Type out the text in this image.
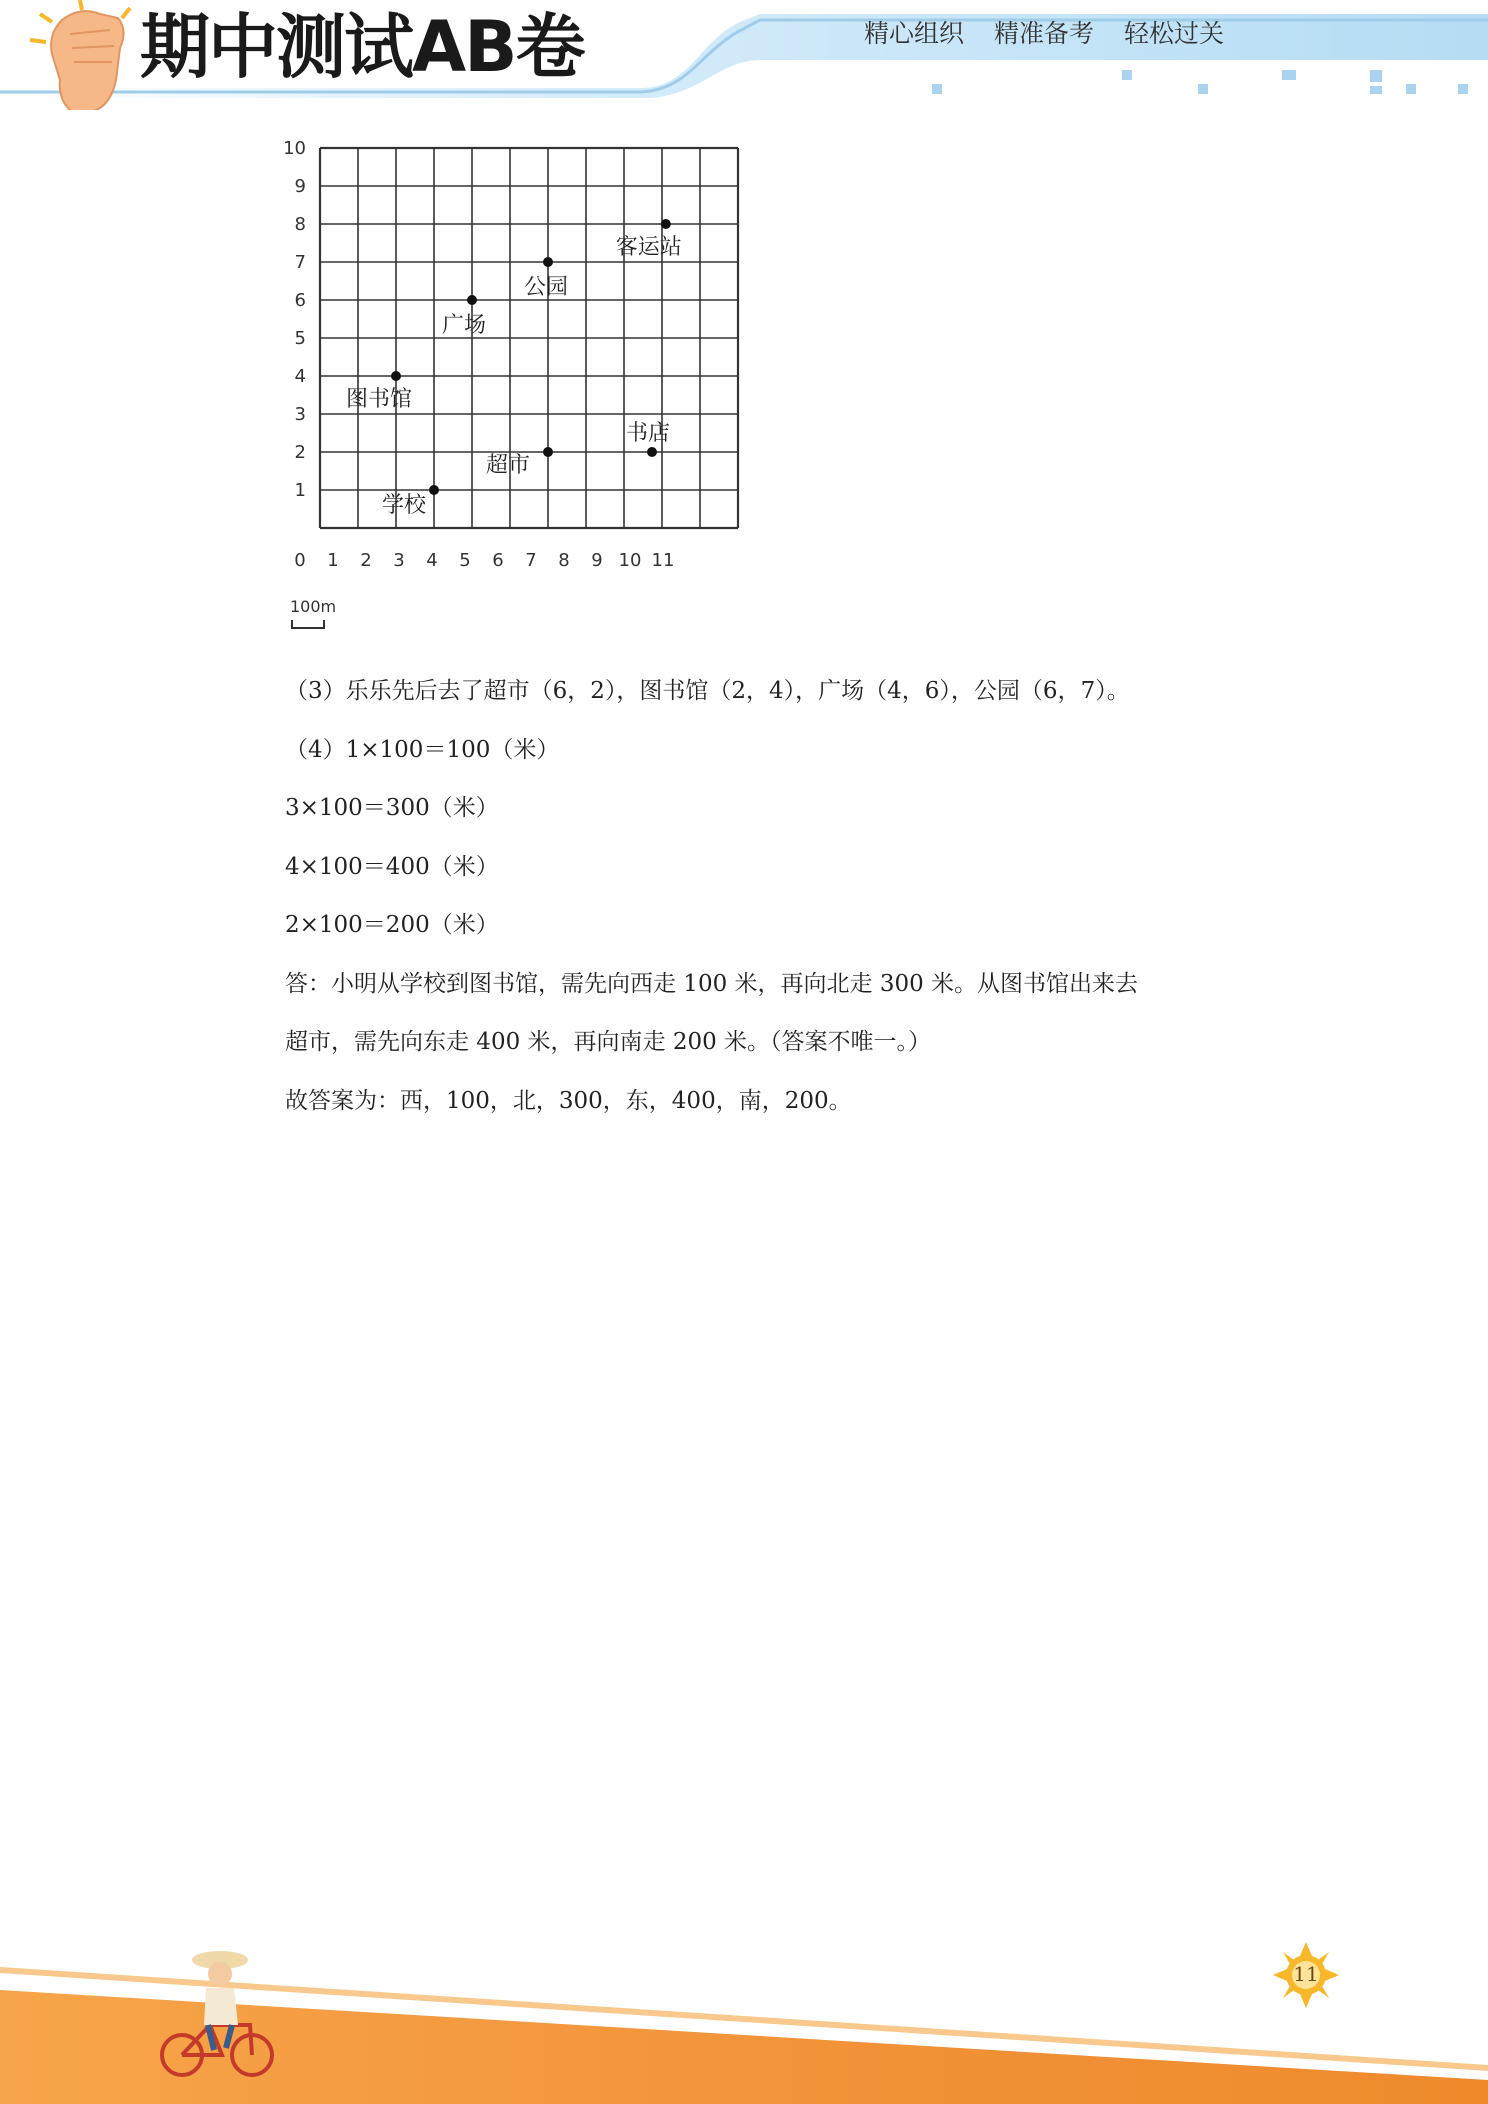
期中测试AB卷	精心组织 精准备考 轻松过关
1
2
3
4
5
6
7
8
9
10
0 1 2 3 4 5 6 7 8 9 10 11
学校
超市
书店
图书馆
广场
公园
客运站
100m
（3）乐乐先后去了超市（6，2），图书馆（2，4），广场（4，6），公园（6，7）。
（4）1×100＝100（米）
3×100＝300（米）
4×100＝400（米）
2×100＝200（米）
答：小明从学校到图书馆，需先向西走 100 米，再向北走 300 米。从图书馆出来去
超市，需先向东走 400 米，再向南走 200 米。（答案不唯一。）
故答案为：西，100，北，300，东，400，南，200。
11
